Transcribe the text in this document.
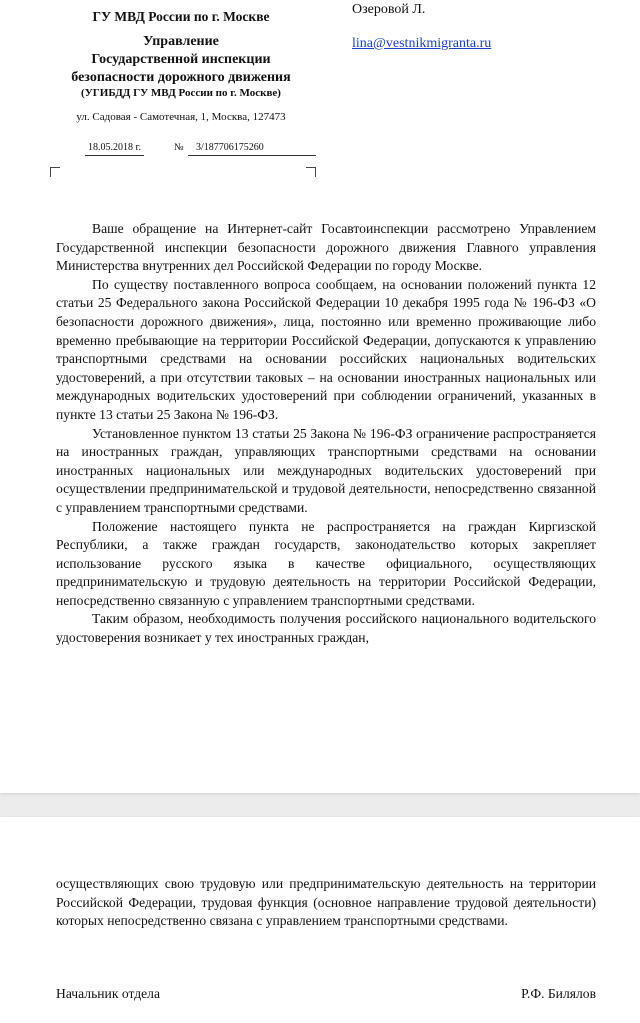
ГУ МВД России по г. Москве
Управление
Государственной инспекции
безопасности дорожного движения
(УГИБДД ГУ МВД России по г. Москве)
ул. Садовая - Самотечная, 1, Москва, 127473
18.05.2018 г.	№	3/187706175260
Озеровой Л.
lina@vestnikmigranta.ru

Ваше обращение на Интернет-сайт Госавтоинспекции рассмотрено Управлением Государственной инспекции безопасности дорожного движения Главного управления Министерства внутренних дел Российской Федерации по городу Москве.

По существу поставленного вопроса сообщаем, на основании положений пункта 12 статьи 25 Федерального закона Российской Федерации 10 декабря 1995 года № 196-ФЗ «О безопасности дорожного движения», лица, постоянно или временно проживающие либо временно пребывающие на территории Российской Федерации, допускаются к управлению транспортными средствами на основании российских национальных водительских удостоверений, а при отсутствии таковых – на основании иностранных национальных или международных водительских удостоверений при соблюдении ограничений, указанных в пункте 13 статьи 25 Закона № 196-ФЗ.

Установленное пунктом 13 статьи 25 Закона № 196-ФЗ ограничение распространяется на иностранных граждан, управляющих транспортными средствами на основании иностранных национальных или международных водительских удостоверений при осуществлении предпринимательской и трудовой деятельности, непосредственно связанной с управлением транспортными средствами.

Положение настоящего пункта не распространяется на граждан Киргизской Республики, а также граждан государств, законодательство которых закрепляет использование русского языка в качестве официального, осуществляющих предпринимательскую и трудовую деятельность на территории Российской Федерации, непосредственно связанную с управлением транспортными средствами.

Таким образом, необходимость получения российского национального водительского удостоверения возникает у тех иностранных граждан,

осуществляющих свою трудовую или предпринимательскую деятельность на территории Российской Федерации, трудовая функция (основное направление трудовой деятельности) которых непосредственно связана с управлением транспортными средствами.

Начальник отдела	Р.Ф. Билялов
